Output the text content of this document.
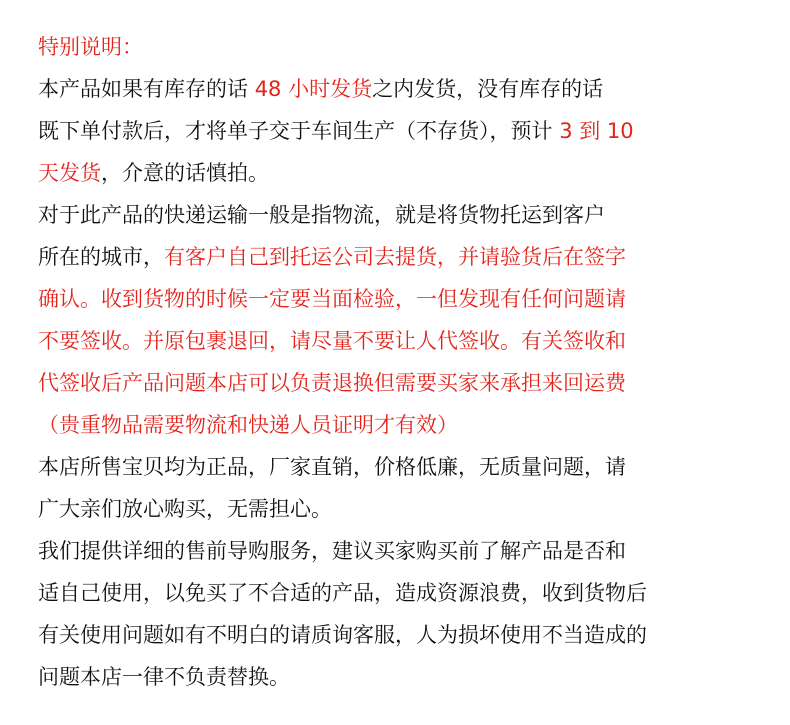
特别说明：
本产品如果有库存的话 48 小时发货之内发货，没有库存的话
既下单付款后，才将单子交于车间生产（不存货），预计 3 到 10
天发货，介意的话慎拍。
对于此产品的快递运输一般是指物流，就是将货物托运到客户
所在的城市，有客户自己到托运公司去提货，并请验货后在签字
确认。收到货物的时候一定要当面检验，一但发现有任何问题请
不要签收。并原包裹退回，请尽量不要让人代签收。有关签收和
代签收后产品问题本店可以负责退换但需要买家来承担来回运费
（贵重物品需要物流和快递人员证明才有效）
本店所售宝贝均为正品，厂家直销，价格低廉，无质量问题，请
广大亲们放心购买，无需担心。
我们提供详细的售前导购服务，建议买家购买前了解产品是否和
适自己使用，以免买了不合适的产品，造成资源浪费，收到货物后
有关使用问题如有不明白的请质询客服，人为损坏使用不当造成的
问题本店一律不负责替换。
